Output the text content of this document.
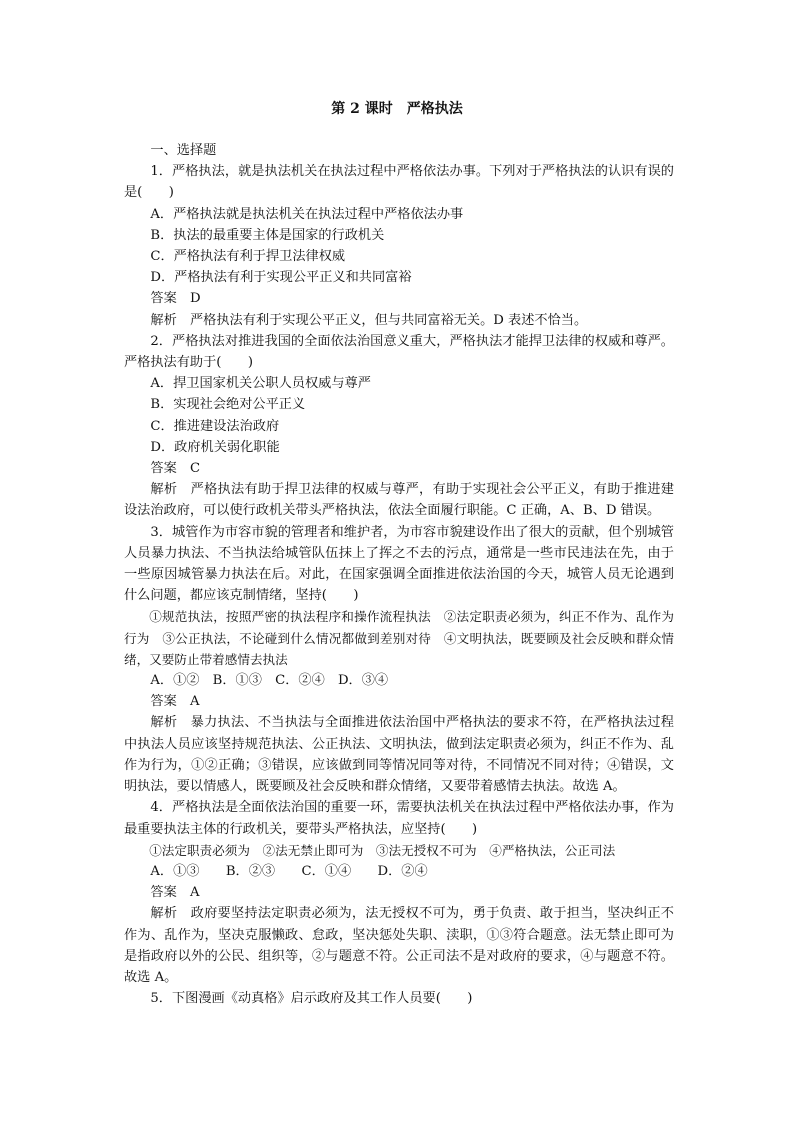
第 2 课时　严格执法

一、选择题

1．严格执法，就是执法机关在执法过程中严格依法办事。下列对于严格执法的认识有误的是(　　)

A．严格执法就是执法机关在执法过程中严格依法办事

B．执法的最重要主体是国家的行政机关

C．严格执法有利于捍卫法律权威

D．严格执法有利于实现公平正义和共同富裕

答案　D

解析　严格执法有利于实现公平正义，但与共同富裕无关。D 表述不恰当。

2．严格执法对推进我国的全面依法治国意义重大，严格执法才能捍卫法律的权威和尊严。严格执法有助于(　　)

A．捍卫国家机关公职人员权威与尊严

B．实现社会绝对公平正义

C．推进建设法治政府

D．政府机关弱化职能

答案　C

解析　严格执法有助于捍卫法律的权威与尊严，有助于实现社会公平正义，有助于推进建设法治政府，可以使行政机关带头严格执法，依法全面履行职能。C 正确，A、B、D 错误。

3．城管作为市容市貌的管理者和维护者，为市容市貌建设作出了很大的贡献，但个别城管人员暴力执法、不当执法给城管队伍抹上了挥之不去的污点，通常是一些市民违法在先，由于一些原因城管暴力执法在后。对此，在国家强调全面推进依法治国的今天，城管人员无论遇到什么问题，都应该克制情绪，坚持(　　)

①规范执法，按照严密的执法程序和操作流程执法　②法定职责必须为，纠正不作为、乱作为行为　③公正执法，不论碰到什么情况都做到差别对待　④文明执法，既要顾及社会反映和群众情绪，又要防止带着感情去执法

A．①②　B．①③　C．②④　D．③④

答案　A

解析　暴力执法、不当执法与全面推进依法治国中严格执法的要求不符，在严格执法过程中执法人员应该坚持规范执法、公正执法、文明执法，做到法定职责必须为，纠正不作为、乱作为行为，①②正确；③错误，应该做到同等情况同等对待，不同情况不同对待；④错误，文明执法，要以情感人，既要顾及社会反映和群众情绪，又要带着感情去执法。故选 A。

4．严格执法是全面依法治国的重要一环，需要执法机关在执法过程中严格依法办事，作为最重要执法主体的行政机关，要带头严格执法，应坚持(　　)

①法定职责必须为　②法无禁止即可为　③法无授权不可为　④严格执法，公正司法

A．①③　　B．②③　　C．①④　　D．②④

答案　A

解析　政府要坚持法定职责必须为，法无授权不可为，勇于负责、敢于担当，坚决纠正不作为、乱作为，坚决克服懒政、怠政，坚决惩处失职、渎职，①③符合题意。法无禁止即可为是指政府以外的公民、组织等，②与题意不符。公正司法不是对政府的要求，④与题意不符。故选 A。

5．下图漫画《动真格》启示政府及其工作人员要(　　)
